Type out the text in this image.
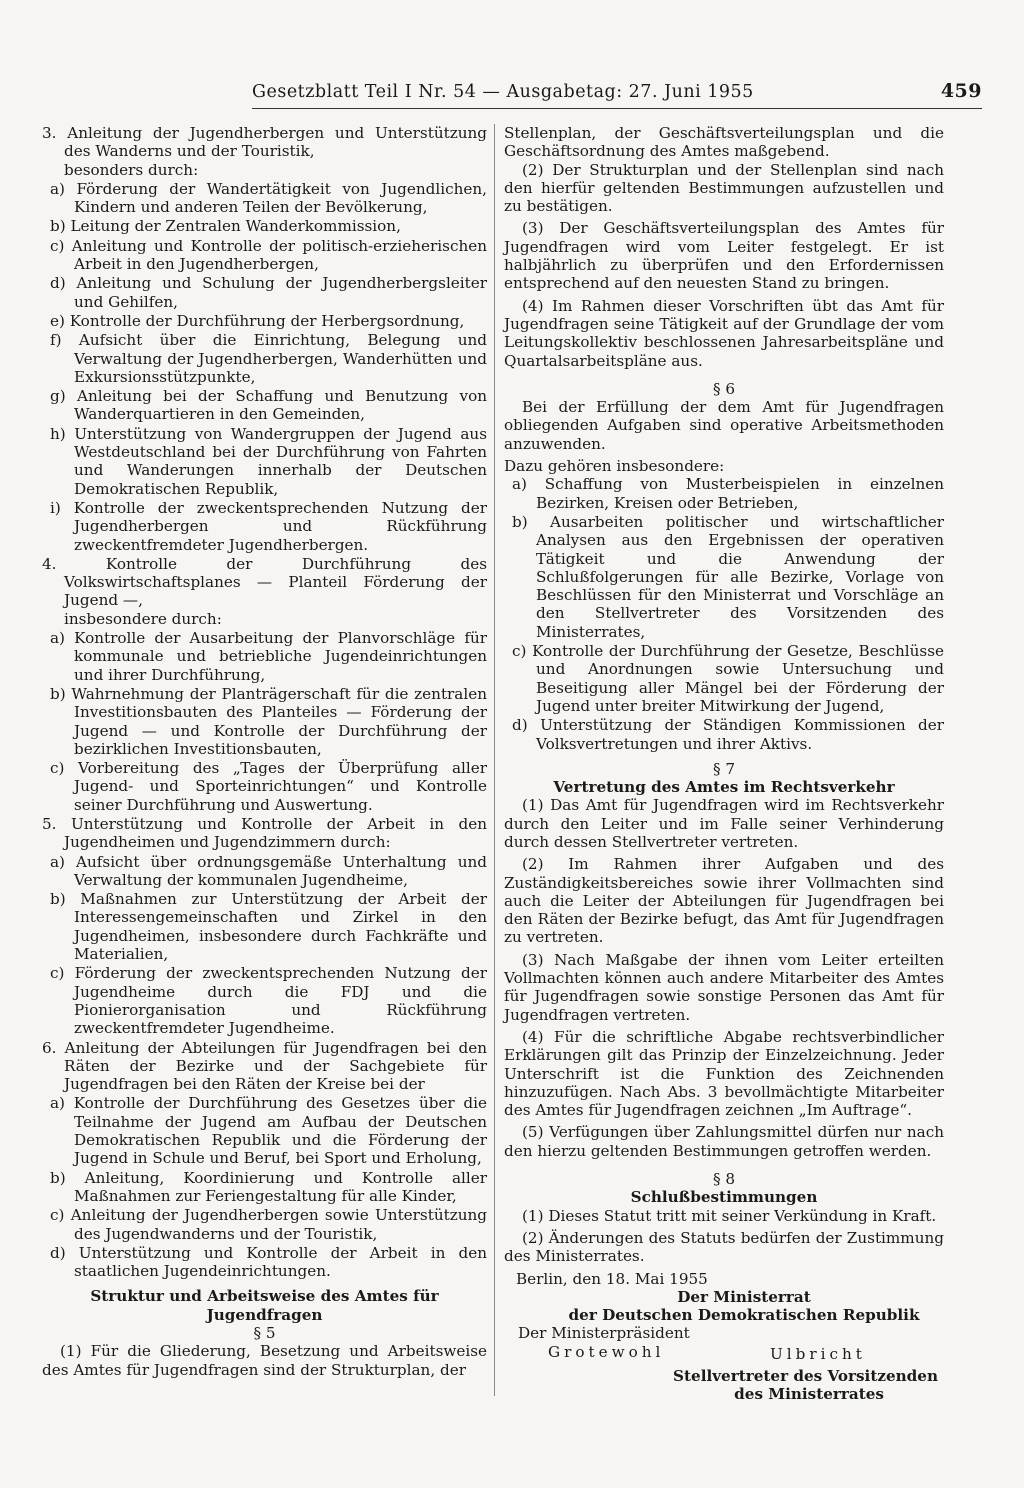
Gesetzblatt Teil I Nr. 54 — Ausgabetag: 27. Juni 1955	459
3. Anleitung der Jugendherbergen und Unterstützung des Wanderns und der Touristik,
besonders durch:
a) Förderung der Wandertätigkeit von Jugendlichen, Kindern und anderen Teilen der Bevölkerung,
b) Leitung der Zentralen Wanderkommission,
c) Anleitung und Kontrolle der politisch-erzieherischen Arbeit in den Jugendherbergen,
d) Anleitung und Schulung der Jugendherbergsleiter und Gehilfen,
e) Kontrolle der Durchführung der Herbergsordnung,
f) Aufsicht über die Einrichtung, Belegung und Verwaltung der Jugendherbergen, Wanderhütten und Exkursionsstützpunkte,
g) Anleitung bei der Schaffung und Benutzung von Wanderquartieren in den Gemeinden,
h) Unterstützung von Wandergruppen der Jugend aus Westdeutschland bei der Durchführung von Fahrten und Wanderungen innerhalb der Deutschen Demokratischen Republik,
i) Kontrolle der zweckentsprechenden Nutzung der Jugendherbergen und Rückführung zweckentfremdeter Jugendherbergen.
4. Kontrolle der Durchführung des Volkswirtschaftsplanes — Planteil Förderung der Jugend —,
insbesondere durch:
a) Kontrolle der Ausarbeitung der Planvorschläge für kommunale und betriebliche Jugendeinrichtungen und ihrer Durchführung,
b) Wahrnehmung der Planträgerschaft für die zentralen Investitionsbauten des Planteiles — Förderung der Jugend — und Kontrolle der Durchführung der bezirklichen Investitionsbauten,
c) Vorbereitung des „Tages der Überprüfung aller Jugend- und Sporteinrichtungen“ und Kontrolle seiner Durchführung und Auswertung.
5. Unterstützung und Kontrolle der Arbeit in den Jugendheimen und Jugendzimmern durch:
a) Aufsicht über ordnungsgemäße Unterhaltung und Verwaltung der kommunalen Jugendheime,
b) Maßnahmen zur Unterstützung der Arbeit der Interessengemeinschaften und Zirkel in den Jugendheimen, insbesondere durch Fachkräfte und Materialien,
c) Förderung der zweckentsprechenden Nutzung der Jugendheime durch die FDJ und die Pionierorganisation und Rückführung zweckentfremdeter Jugendheime.
6. Anleitung der Abteilungen für Jugendfragen bei den Räten der Bezirke und der Sachgebiete für Jugendfragen bei den Räten der Kreise bei der
a) Kontrolle der Durchführung des Gesetzes über die Teilnahme der Jugend am Aufbau der Deutschen Demokratischen Republik und die Förderung der Jugend in Schule und Beruf, bei Sport und Erholung,
b) Anleitung, Koordinierung und Kontrolle aller Maßnahmen zur Feriengestaltung für alle Kinder,
c) Anleitung der Jugendherbergen sowie Unterstützung des Jugendwanderns und der Touristik,
d) Unterstützung und Kontrolle der Arbeit in den staatlichen Jugendeinrichtungen.
Struktur und Arbeitsweise des Amtes für Jugendfragen
§ 5
(1) Für die Gliederung, Besetzung und Arbeitsweise des Amtes für Jugendfragen sind der Strukturplan, der
Stellenplan, der Geschäftsverteilungsplan und die Geschäftsordnung des Amtes maßgebend.
(2) Der Strukturplan und der Stellenplan sind nach den hierfür geltenden Bestimmungen aufzustellen und zu bestätigen.
(3) Der Geschäftsverteilungsplan des Amtes für Jugendfragen wird vom Leiter festgelegt. Er ist halbjährlich zu überprüfen und den Erfordernissen entsprechend auf den neuesten Stand zu bringen.
(4) Im Rahmen dieser Vorschriften übt das Amt für Jugendfragen seine Tätigkeit auf der Grundlage der vom Leitungskollektiv beschlossenen Jahresarbeitspläne und Quartalsarbeitspläne aus.
§ 6
Bei der Erfüllung der dem Amt für Jugendfragen obliegenden Aufgaben sind operative Arbeitsmethoden anzuwenden.
Dazu gehören insbesondere:
a) Schaffung von Musterbeispielen in einzelnen Bezirken, Kreisen oder Betrieben,
b) Ausarbeiten politischer und wirtschaftlicher Analysen aus den Ergebnissen der operativen Tätigkeit und die Anwendung der Schlußfolgerungen für alle Bezirke, Vorlage von Beschlüssen für den Ministerrat und Vorschläge an den Stellvertreter des Vorsitzenden des Ministerrates,
c) Kontrolle der Durchführung der Gesetze, Beschlüsse und Anordnungen sowie Untersuchung und Beseitigung aller Mängel bei der Förderung der Jugend unter breiter Mitwirkung der Jugend,
d) Unterstützung der Ständigen Kommissionen der Volksvertretungen und ihrer Aktivs.
§ 7
Vertretung des Amtes im Rechtsverkehr
(1) Das Amt für Jugendfragen wird im Rechtsverkehr durch den Leiter und im Falle seiner Verhinderung durch dessen Stellvertreter vertreten.
(2) Im Rahmen ihrer Aufgaben und des Zuständigkeitsbereiches sowie ihrer Vollmachten sind auch die Leiter der Abteilungen für Jugendfragen bei den Räten der Bezirke befugt, das Amt für Jugendfragen zu vertreten.
(3) Nach Maßgabe der ihnen vom Leiter erteilten Vollmachten können auch andere Mitarbeiter des Amtes für Jugendfragen sowie sonstige Personen das Amt für Jugendfragen vertreten.
(4) Für die schriftliche Abgabe rechtsverbindlicher Erklärungen gilt das Prinzip der Einzelzeichnung. Jeder Unterschrift ist die Funktion des Zeichnenden hinzuzufügen. Nach Abs. 3 bevollmächtigte Mitarbeiter des Amtes für Jugendfragen zeichnen „Im Auftrage“.
(5) Verfügungen über Zahlungsmittel dürfen nur nach den hierzu geltenden Bestimmungen getroffen werden.
§ 8
Schlußbestimmungen
(1) Dieses Statut tritt mit seiner Verkündung in Kraft.
(2) Änderungen des Statuts bedürfen der Zustimmung des Ministerrates.
Berlin, den 18. Mai 1955
Der Ministerrat
der Deutschen Demokratischen Republik
Der Ministerpräsident
Grotewohl	Ulbricht
Stellvertreter des Vorsitzenden
des Ministerrates
